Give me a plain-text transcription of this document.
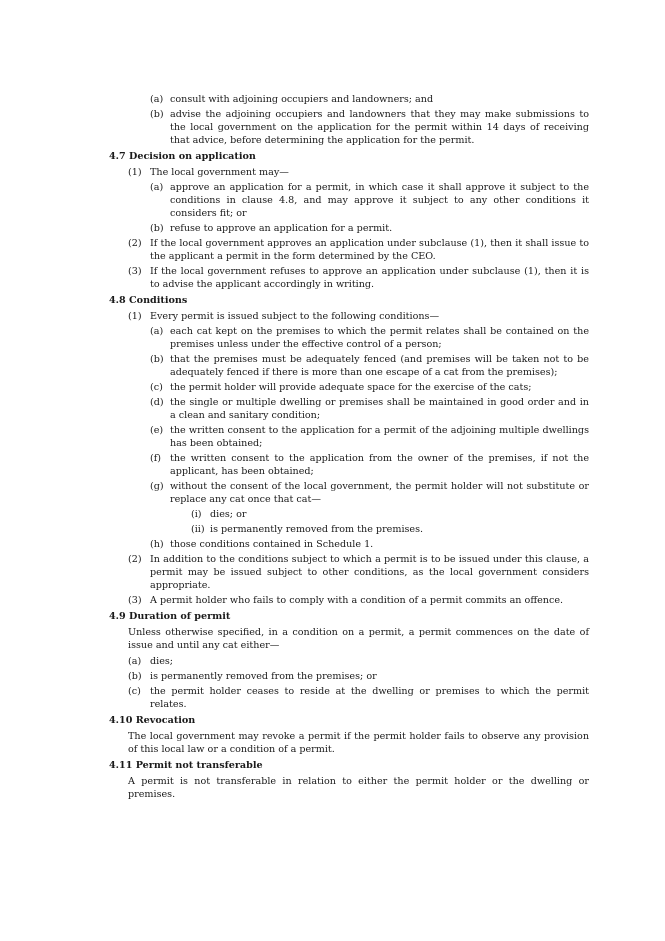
(a) consult with adjoining occupiers and landowners; and
(b) advise the adjoining occupiers and landowners that they may make submissions to the local government on the application for the permit within 14 days of receiving that advice, before determining the application for the permit.
4.7 Decision on application
(1) The local government may—
(a) approve an application for a permit, in which case it shall approve it subject to the conditions in clause 4.8, and may approve it subject to any other conditions it considers fit; or
(b) refuse to approve an application for a permit.
(2) If the local government approves an application under subclause (1), then it shall issue to the applicant a permit in the form determined by the CEO.
(3) If the local government refuses to approve an application under subclause (1), then it is to advise the applicant accordingly in writing.
4.8 Conditions
(1) Every permit is issued subject to the following conditions—
(a) each cat kept on the premises to which the permit relates shall be contained on the premises unless under the effective control of a person;
(b) that the premises must be adequately fenced (and premises will be taken not to be adequately fenced if there is more than one escape of a cat from the premises);
(c) the permit holder will provide adequate space for the exercise of the cats;
(d) the single or multiple dwelling or premises shall be maintained in good order and in a clean and sanitary condition;
(e) the written consent to the application for a permit of the adjoining multiple dwellings has been obtained;
(f) the written consent to the application from the owner of the premises, if not the applicant, has been obtained;
(g) without the consent of the local government, the permit holder will not substitute or replace any cat once that cat—
(i) dies; or
(ii) is permanently removed from the premises.
(h) those conditions contained in Schedule 1.
(2) In addition to the conditions subject to which a permit is to be issued under this clause, a permit may be issued subject to other conditions, as the local government considers appropriate.
(3) A permit holder who fails to comply with a condition of a permit commits an offence.
4.9 Duration of permit
Unless otherwise specified, in a condition on a permit, a permit commences on the date of issue and until any cat either—
(a) dies;
(b) is permanently removed from the premises; or
(c) the permit holder ceases to reside at the dwelling or premises to which the permit relates.
4.10 Revocation
The local government may revoke a permit if the permit holder fails to observe any provision of this local law or a condition of a permit.
4.11 Permit not transferable
A permit is not transferable in relation to either the permit holder or the dwelling or premises.
